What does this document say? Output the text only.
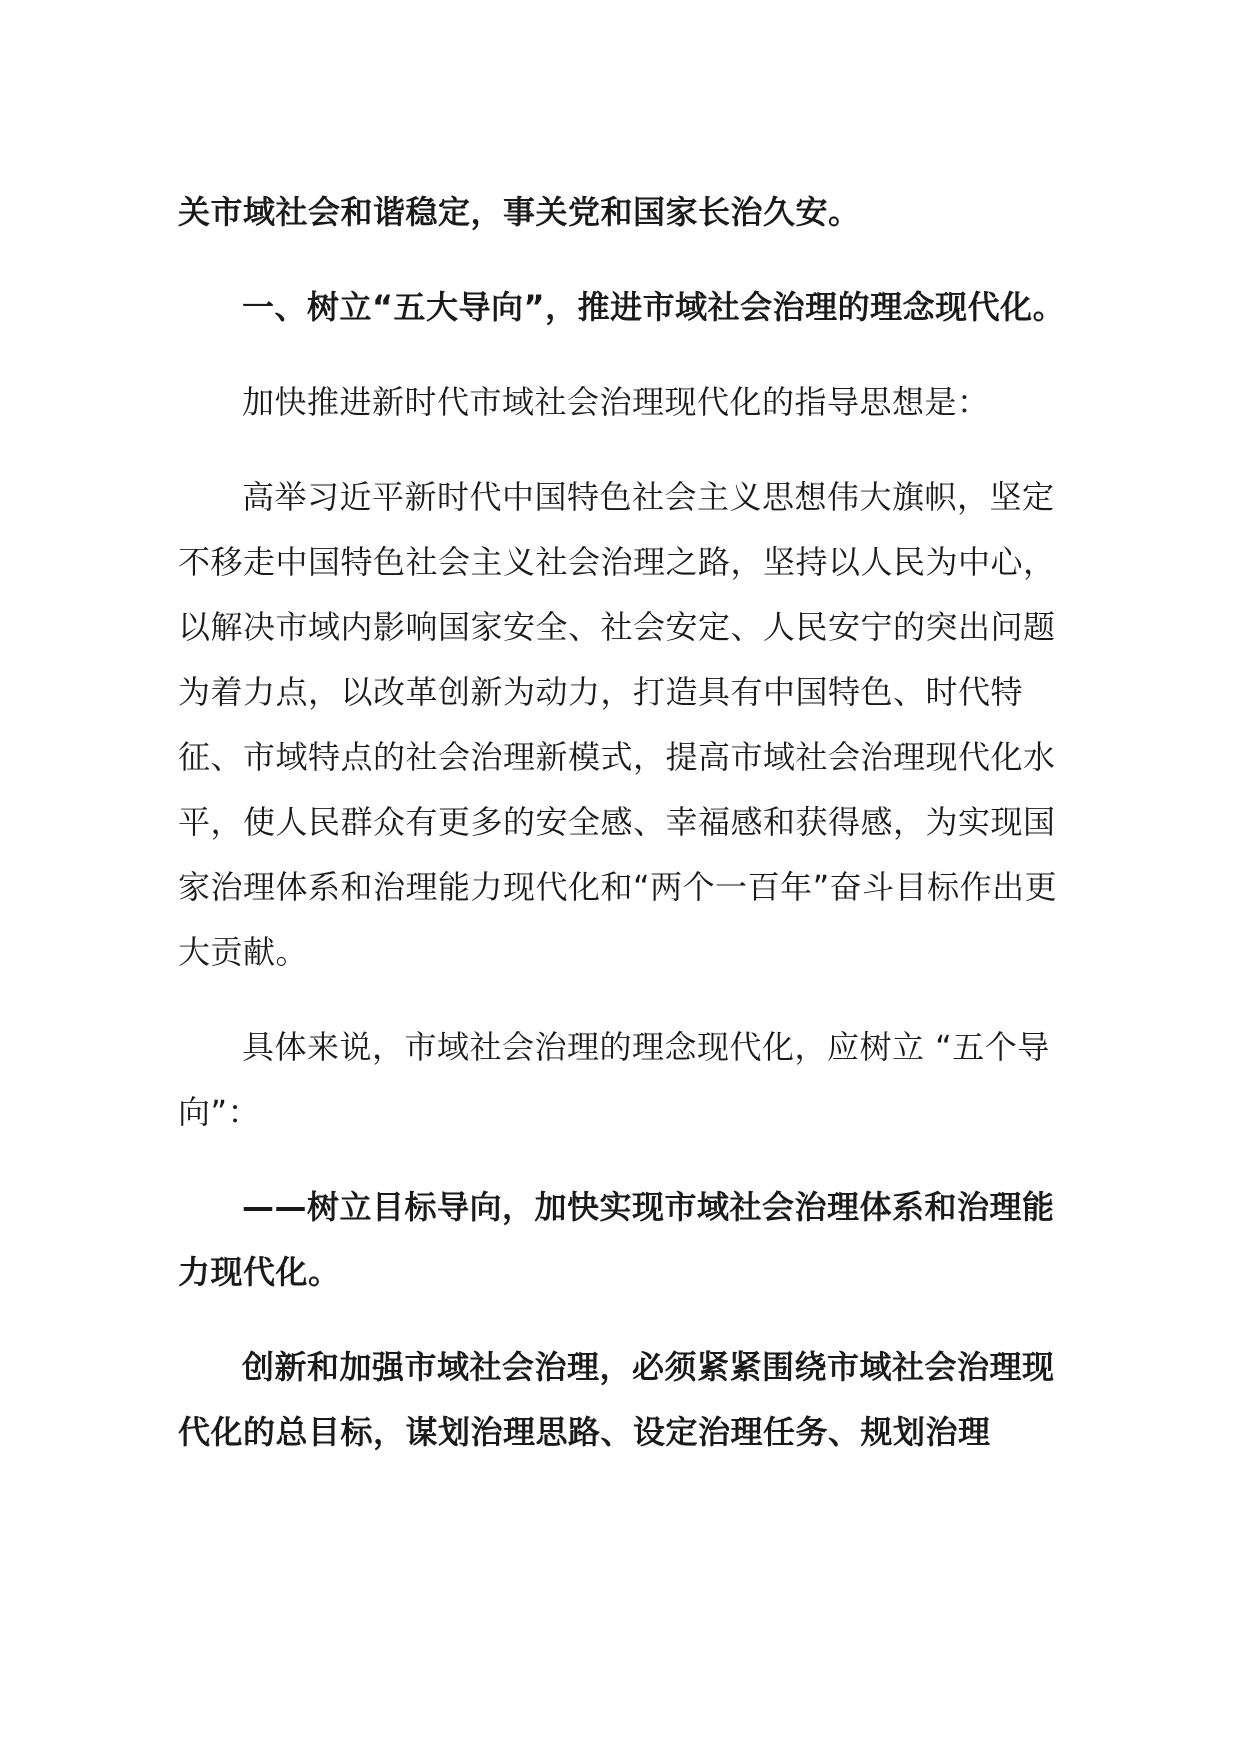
关市域社会和谐稳定，事关党和国家长治久安。

一、树立“五大导向”，推进市域社会治理的理念现代化。

加快推进新时代市域社会治理现代化的指导思想是：

高举习近平新时代中国特色社会主义思想伟大旗帜，坚定不移走中国特色社会主义社会治理之路，坚持以人民为中心，以解决市域内影响国家安全、社会安定、人民安宁的突出问题为着力点，以改革创新为动力，打造具有中国特色、时代特征、市域特点的社会治理新模式，提高市域社会治理现代化水平，使人民群众有更多的安全感、幸福感和获得感，为实现国家治理体系和治理能力现代化和“两个一百年”奋斗目标作出更大贡献。

具体来说，市域社会治理的理念现代化，应树立 “五个导向”：

——树立目标导向，加快实现市域社会治理体系和治理能力现代化。

创新和加强市域社会治理，必须紧紧围绕市域社会治理现代化的总目标，谋划治理思路、设定治理任务、规划治理
